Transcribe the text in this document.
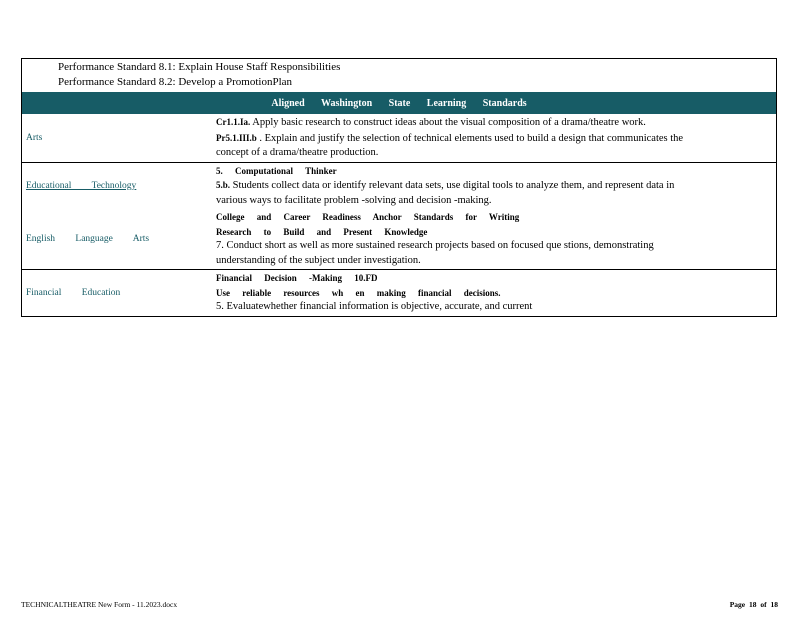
Performance Standard 8.1: Explain House Staff Responsibilities
Performance Standard 8.2: Develop a PromotionPlan
Aligned Washington State Learning Standards
Arts
Cr1.1.Ia. Apply basic research to construct ideas about the visual composition of a drama/theatre work.
Pr5.1.III.b . Explain and justify the selection of technical elements used to build a design that communicates the
concept of a drama/theatre production.
Educational Technology
5. Computational Thinker
5.b. Students collect data or identify relevant data sets, use digital tools to analyze them, and represent data in
various ways to facilitate problem -solving and decision -making.
English Language Arts
College and Career Readiness Anchor Standards for Writing
Research to Build and Present Knowledge
7. Conduct short as well as more sustained research projects based on focused que stions, demonstrating
understanding of the subject under investigation.
Financial Education
Financial Decision -Making 10.FD
Use reliable resources wh en making financial decisions.
5. Evaluatewhether financial information is objective, accurate, and current
TECHNICALTHEATRE New Form - 11.2023.docx	Page 18 of 18
